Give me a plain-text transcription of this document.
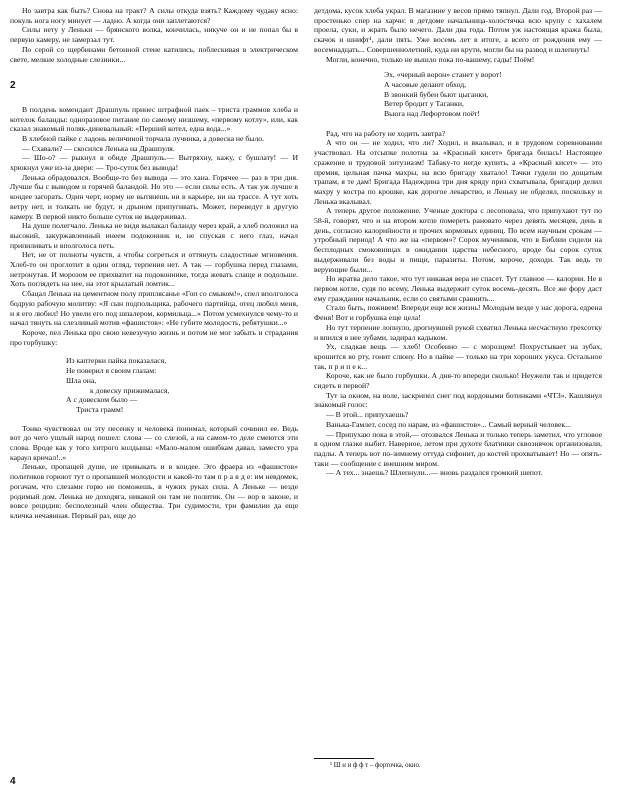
Но завтра как быть? Снова на тракт? А силы откуда взять? Каждому чудаку ясно: покуль нога ногу минует — ладно. А когда они заплетаются?

Силы нету у Леньки — брянского волка, кончилась, никуче он и не попал бы в первую камеру, не замерзал тут.

По серой со щербинами бетонной стене катились, поблескивая в электрическом свете, мелкие холодные слезинки...

2

В полдень комендант Драшпуль принес штрафной паек – триста граммов хлеба и котелок баланды: одноразовое питание по самому низшему, «первому котлу», или, как сказал знакомый поляк-диневальный: «Перший котел, една вода...»

В хлебной пайке с ладонь величиной торчала лучинка, а довеска не было.

— Схавали? — скосился Ленька на Драшпуля.

— Шо-о? — рыкнул в обиде Драшпуль.— Вытряхну, кажу, с бушлату! — И хрюкнул уже из-за двери: — Тро-суток без вывода!

Ленька обрадовался. Вообще-то без вывода — это хана. Горячее — раз в три дня. Лучше бы с выводом и горячей баландой. Но это — если силы есть. А так уж лучше в кондее загорать. Один черт, норму не вытянешь ни в карьере, ни на трассе. А тут хоть ветру нет, и толкать не будут, и дрыном припугивать. Может, переведут в другую камеру. В первой никто больше суток не выдерживал.

На душе полегчало. Ленька не видя вылакал баланду через край, а хлеб положил на высокий, закуржавленный инеем подоконник и, не спуская с него глаз, начал припиливать и вполголоса петь.

Нет, не от полноты чувств, а чтобы согреться и оттянуть сладостные мгновения. Хлеб-то он проглотит в один огляд, терпения нет. А так — горбушка перед глазами, нетронутая. И морозом ее прихватит на подоконнике, тогда жевать слаще и подольше. Хоть поглядеть на нее, на этот крылатый ломтик...

Сбацал Ленька на цементном полу приплясанье «Гоп со смыком!», спел вполголоса бодрую рабочую молитву: «Я сын подпольщика, рабочего партийца, отец любил меня, и я его любил! Но увели его под шпалером, кормильца...» Потом усмехнулся чему-то и начал тянуть на слезливый мотив «фашистов»: «Не губите молодость, ребятушки...»

Короче, пел Ленька про свою невезучую жизнь и потом не мог забыть и страдания про горбушку:

Из каптерки пайка показалася,
Не поверил я своим глазам:
Шла она,
к довеску прижималася,
А с довеском было —
Триста грамм!

Тонко чувствовал он эту песенку и человека понимал, который сочинил ее. Ведь вот до чего ушлый народ пошел: слова — со слезой, а на самом-то деле смеются эти слова. Вроде как у того хитрого колдыша: «Мало-малом ошибкам давал, заместо ура караул кричал!..»

Леньке, пропащей душе, не привыкать и в кондее. Эго фраера из «фашистов» политиков горюют тут о пропавшей молодости и какой-то там п р а в д е: им невдомек, рогачам, что слезами горю не поможешь, в чужих руках сила. А Леньке — везде родимый дом. Ленька не доходяга, никакой он там не политик. Он — вор в законе, и вовсе рецидив: бесполезный член общества. Три судимости, три фамилии да еще кличка нечаянная. Первый раз, еще до

детдома, кусок хлеба украл. В магазине у весов прямо тяпнул. Дали год. Второй раз — простенько спер на харчи: в детдоме начальница-холостячка всю крупу с хахалем проела, суки, и жрать было нечего. Дали два года. Потом уж настоящая кража была, скачок и шнифт¹, дали пять. Уже восемь лет в итоге, а всего от рождения ему — восемнадцать... Совершеннолетний, куда ни крути, могли бы на развод и шлепнуть!

Могли, конечно, только не вышло пока по-вашему, гады! Поём!

Эх, «черный ворон» станет у ворот!
А часовые делают обход,
В звонкий бубен бьют цыганки,
Ветер бродит у Таганки,
Вьюга над Лефортовом поёт!

Рад, что на работу не ходить завтра?

А что он — не ходил, что ли? Ходил, и вкалывал, и в трудовом соревновании участвовал. На отсыпке полотна за «Красный кисет» бригада билась! Настоящее сражение и трудовой энтузиазм! Табаку-то негде купить, а «Красный кисет» — это премия, цельная пачка махры, на всю бригаду хватало! Тачки гудели по дощатым трапам, я те дам! Бригада Надеждина три дня кряду приз схватывала, бригадир делил махру у костра по крошке, как дорогое лекарство, и Леньку не обделял, поскольку и Ленька вкалывал.

А теперь другое положение. Ученые доктора с лесоповала, что припухают тут по 58-й, говорят, что и на втором котле помереть рановато через девять месяцев, день в день, согласно калорийности и прочих кормовых единиц. По всем научным срокам —утробный период! А что же на «первом»? Сорок мучеников, что в Библии сидели на бесплодных смоковницах в ожидании царства небесного, вроде бы сорок суток выдерживали без воды и пищи, паразиты. Потом, короче, доходи. Так ведь те верующие были...

Но жратва дело такое, что тут никакая вера не спасет. Тут главное — калории. Не в первом котле, судя по всему, Ленька выдержит суток восемь-десять. Все же фору даст ему гражданин начальник, если со святыми сравнить...

Стало быть, поживем! Впереди еще вся жизнь! Молодым везде у нас дорога, едрена Феня! Вот и горбушка еще цела!

Но тут терпение лопнуло, дрогнувшей рукой схватил Ленька несчастную трехсотку и впился в нее зубами, задирал кадыком.

Ух, сладкая вещь — хлеб! Особенно — с морозцем! Похрустывает на зубах, крошится во рту, гонит слюну. Но в пайке — только на три хороших укуса. Остальное так, п р и п е к...

Короче, как не было горбушки. А дня-то впереди сколько! Неужели так и придется сидеть в первой?

Тут за окном, на воле, заскрипел снег под кордовыми ботинками «ЧТЗ». Кашлянул знакомый голос:

— В этой... припухаешь?

Ванька-Гамлет, сосед по нарам, из «фашистов»... Самый верный человек...

— Припухаю пока в этой,— отозвался Ленька и только теперь заметил, что угловое в одном глазке выбит. Наверное, летом при духоте блатники сквознячок организовали, падлы. А теперь вот по-зимнему оттуда сифонит, до костей прохватывает! Но — опять-таки — сообщение с внешним миром.

— А тех... знаешь? Шлепнули...— вновь раздался громкий шепот.

¹ Ш н и ф ф т – форточка, окно.
4
